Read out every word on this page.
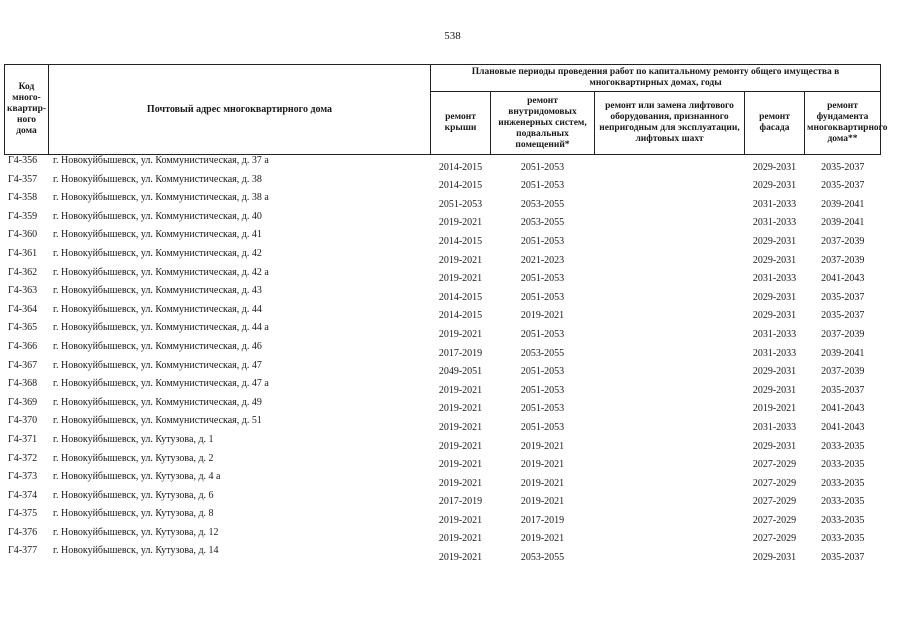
538
Код много-квартир-ного дома	Почтовый адрес многоквартирного дома	Плановые периоды проведения работ по капитальному ремонту общего имущества в многоквартирных домах, годы				
		ремонт крыши	ремонт внутридомовых инженерных систем, подвальных помещений*	ремонт или замена лифтового оборудования, признанного непригодным для эксплуатации, лифтовых шахт	ремонт фасада	ремонт фундамента многоквартирного дома**
Г4-356	г. Новокуйбышевск, ул. Коммунистическая, д. 37 а	2014-2015	2051-2053		2029-2031	2035-2037
Г4-357	г. Новокуйбышевск, ул. Коммунистическая, д. 38	2014-2015	2051-2053		2029-2031	2035-2037
Г4-358	г. Новокуйбышевск, ул. Коммунистическая, д. 38 а	2051-2053	2053-2055		2031-2033	2039-2041
Г4-359	г. Новокуйбышевск, ул. Коммунистическая, д. 40	2019-2021	2053-2055		2031-2033	2039-2041
Г4-360	г. Новокуйбышевск, ул. Коммунистическая, д. 41	2014-2015	2051-2053		2029-2031	2037-2039
Г4-361	г. Новокуйбышевск, ул. Коммунистическая, д. 42	2019-2021	2021-2023		2029-2031	2037-2039
Г4-362	г. Новокуйбышевск, ул. Коммунистическая, д. 42 а	2019-2021	2051-2053		2031-2033	2041-2043
Г4-363	г. Новокуйбышевск, ул. Коммунистическая, д. 43	2014-2015	2051-2053		2029-2031	2035-2037
Г4-364	г. Новокуйбышевск, ул. Коммунистическая, д. 44	2014-2015	2019-2021		2029-2031	2035-2037
Г4-365	г. Новокуйбышевск, ул. Коммунистическая, д. 44 а	2019-2021	2051-2053		2031-2033	2037-2039
Г4-366	г. Новокуйбышевск, ул. Коммунистическая, д. 46	2017-2019	2053-2055		2031-2033	2039-2041
Г4-367	г. Новокуйбышевск, ул. Коммунистическая, д. 47	2049-2051	2051-2053		2029-2031	2037-2039
Г4-368	г. Новокуйбышевск, ул. Коммунистическая, д. 47 а	2019-2021	2051-2053		2029-2031	2035-2037
Г4-369	г. Новокуйбышевск, ул. Коммунистическая, д. 49	2019-2021	2051-2053		2019-2021	2041-2043
Г4-370	г. Новокуйбышевск, ул. Коммунистическая, д. 51	2019-2021	2051-2053		2031-2033	2041-2043
Г4-371	г. Новокуйбышевск, ул. Кутузова, д. 1	2019-2021	2019-2021		2029-2031	2033-2035
Г4-372	г. Новокуйбышевск, ул. Кутузова, д. 2	2019-2021	2019-2021		2027-2029	2033-2035
Г4-373	г. Новокуйбышевск, ул. Кутузова, д. 4 а	2019-2021	2019-2021		2027-2029	2033-2035
Г4-374	г. Новокуйбышевск, ул. Кутузова, д. 6	2017-2019	2019-2021		2027-2029	2033-2035
Г4-375	г. Новокуйбышевск, ул. Кутузова, д. 8	2019-2021	2017-2019		2027-2029	2033-2035
Г4-376	г. Новокуйбышевск, ул. Кутузова, д. 12	2019-2021	2019-2021		2027-2029	2033-2035
Г4-377	г. Новокуйбышевск, ул. Кутузова, д. 14	2019-2021	2053-2055		2029-2031	2035-2037
